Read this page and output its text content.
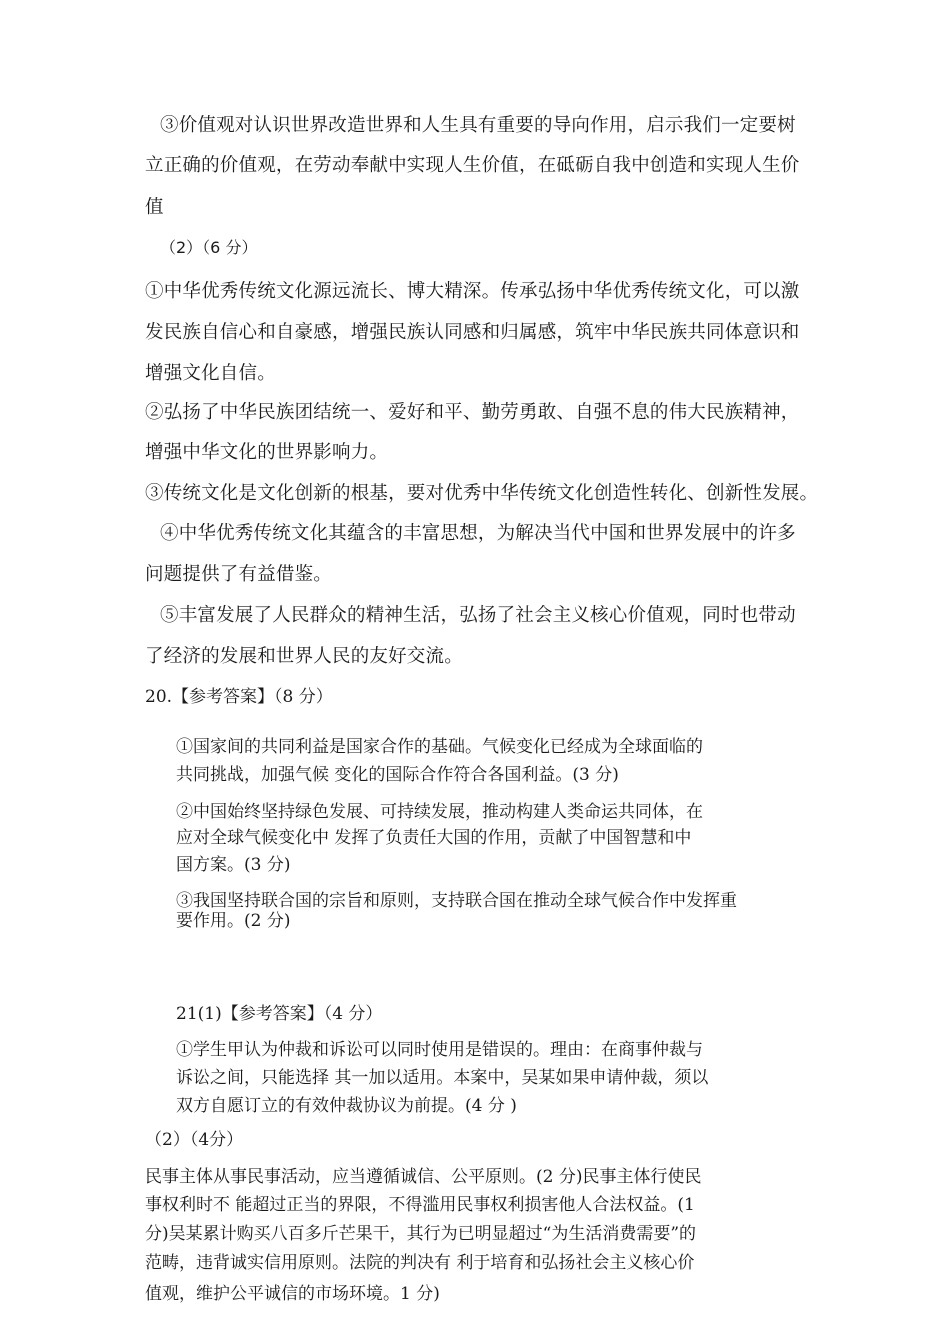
③价值观对认识世界改造世界和人生具有重要的导向作用，启示我们一定要树
立正确的价值观，在劳动奉献中实现人生价值，在砥砺自我中创造和实现人生价
值
（2）（6 分）
①中华优秀传统文化源远流长、博大精深。传承弘扬中华优秀传统文化，可以激
发民族自信心和自豪感，增强民族认同感和归属感，筑牢中华民族共同体意识和
增强文化自信。
②弘扬了中华民族团结统一、爱好和平、勤劳勇敢、自强不息的伟大民族精神，
增强中华文化的世界影响力。
③传统文化是文化创新的根基，要对优秀中华传统文化创造性转化、创新性发展。
④中华优秀传统文化其蕴含的丰富思想，为解决当代中国和世界发展中的许多
问题提供了有益借鉴。
⑤丰富发展了人民群众的精神生活，弘扬了社会主义核心价值观，同时也带动
了经济的发展和世界人民的友好交流。
20.【参考答案】（8 分）
①国家间的共同利益是国家合作的基础。气候变化已经成为全球面临的
共同挑战，加强气候 变化的国际合作符合各国利益。(3 分)
②中国始终坚持绿色发展、可持续发展，推动构建人类命运共同体，在
应对全球气候变化中 发挥了负责任大国的作用，贡献了中国智慧和中
国方案。(3 分)
③我国坚持联合国的宗旨和原则，支持联合国在推动全球气候合作中发挥重
要作用。(2 分)
21(1)【参考答案】（4 分）
①学生甲认为仲裁和诉讼可以同时使用是错误的。理由：在商事仲裁与
诉讼之间，只能选择 其一加以适用。本案中，吴某如果申请仲裁，须以
双方自愿订立的有效仲裁协议为前提。(4 分 )
（2）（4分）
民事主体从事民事活动，应当遵循诚信、公平原则。(2 分)民事主体行使民
事权利时不 能超过正当的界限，不得滥用民事权利损害他人合法权益。(1
分)吴某累计购买八百多斤芒果干，其行为已明显超过“为生活消费需要”的
范畴，违背诚实信用原则。法院的判决有 利于培育和弘扬社会主义核心价
值观，维护公平诚信的市场环境。1 分)
